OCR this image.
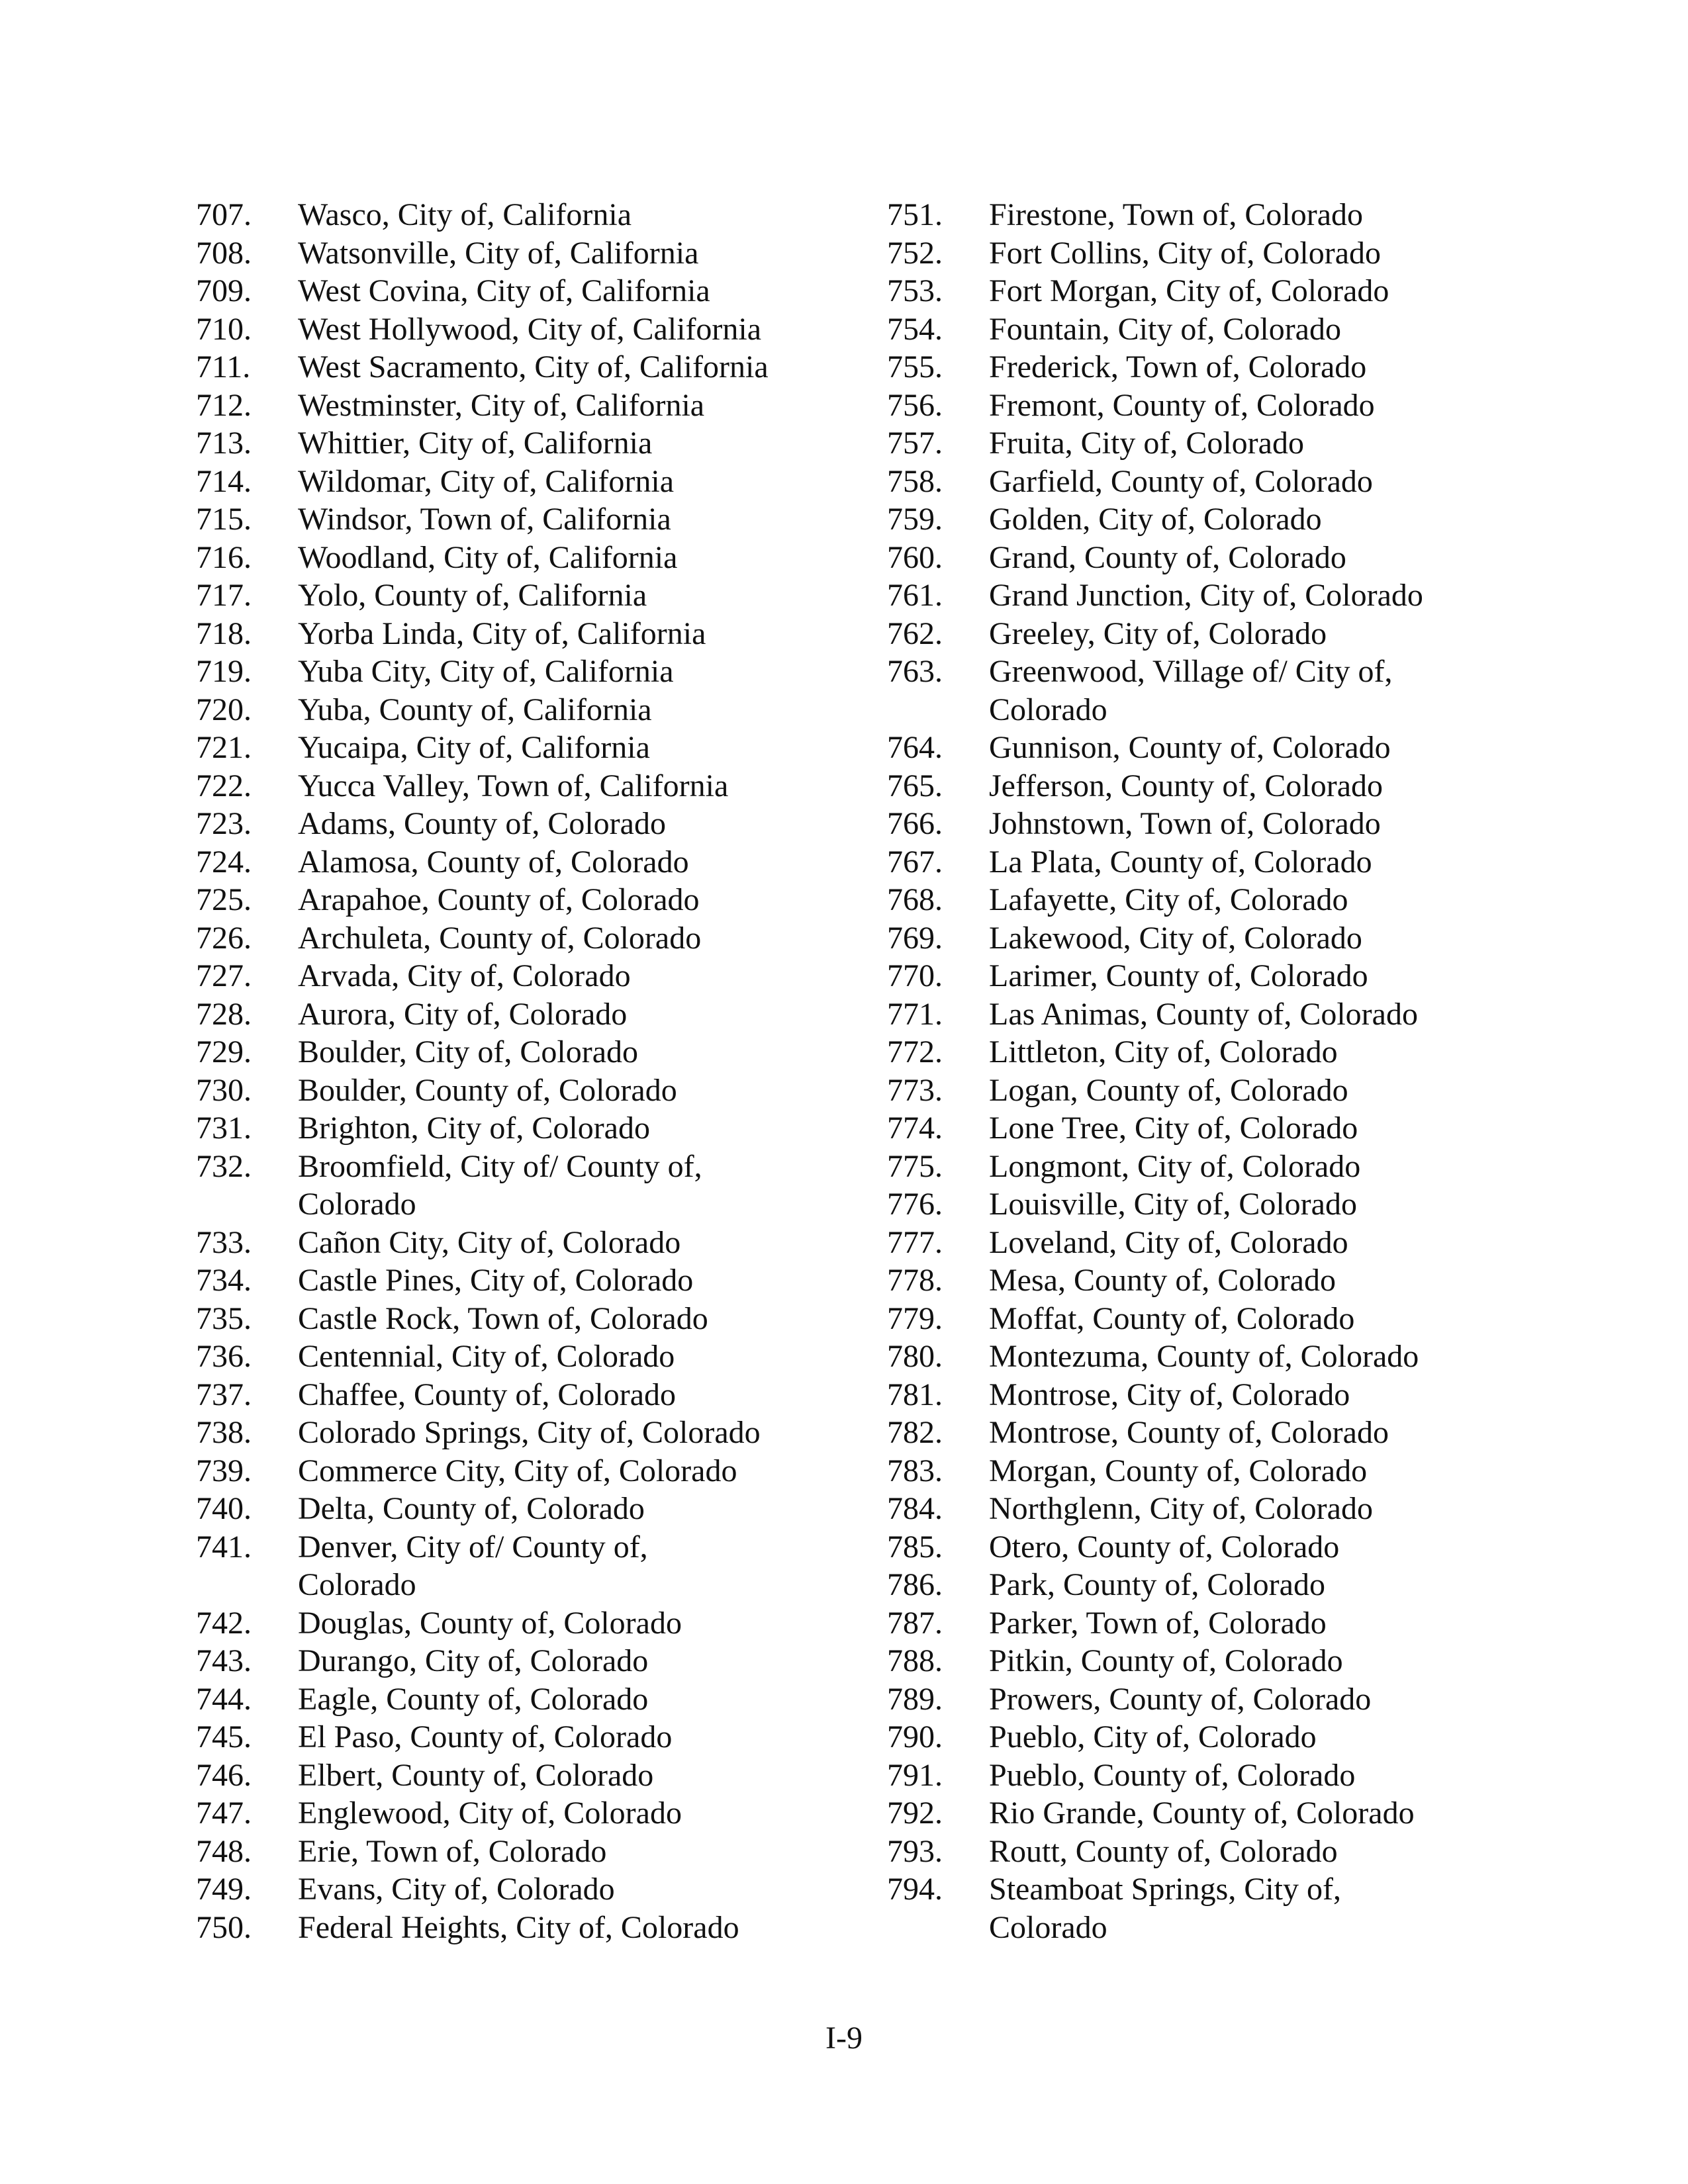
707.	Wasco, City of, California
708.	Watsonville, City of, California
709.	West Covina, City of, California
710.	West Hollywood, City of, California
711.	West Sacramento, City of, California
712.	Westminster, City of, California
713.	Whittier, City of, California
714.	Wildomar, City of, California
715.	Windsor, Town of, California
716.	Woodland, City of, California
717.	Yolo, County of, California
718.	Yorba Linda, City of, California
719.	Yuba City, City of, California
720.	Yuba, County of, California
721.	Yucaipa, City of, California
722.	Yucca Valley, Town of, California
723.	Adams, County of, Colorado
724.	Alamosa, County of, Colorado
725.	Arapahoe, County of, Colorado
726.	Archuleta, County of, Colorado
727.	Arvada, City of, Colorado
728.	Aurora, City of, Colorado
729.	Boulder, City of, Colorado
730.	Boulder, County of, Colorado
731.	Brighton, City of, Colorado
732.	Broomfield, City of/ County of,
Colorado
733.	Cañon City, City of, Colorado
734.	Castle Pines, City of, Colorado
735.	Castle Rock, Town of, Colorado
736.	Centennial, City of, Colorado
737.	Chaffee, County of, Colorado
738.	Colorado Springs, City of, Colorado
739.	Commerce City, City of, Colorado
740.	Delta, County of, Colorado
741.	Denver, City of/ County of,
Colorado
742.	Douglas, County of, Colorado
743.	Durango, City of, Colorado
744.	Eagle, County of, Colorado
745.	El Paso, County of, Colorado
746.	Elbert, County of, Colorado
747.	Englewood, City of, Colorado
748.	Erie, Town of, Colorado
749.	Evans, City of, Colorado
750.	Federal Heights, City of, Colorado
751.	Firestone, Town of, Colorado
752.	Fort Collins, City of, Colorado
753.	Fort Morgan, City of, Colorado
754.	Fountain, City of, Colorado
755.	Frederick, Town of, Colorado
756.	Fremont, County of, Colorado
757.	Fruita, City of, Colorado
758.	Garfield, County of, Colorado
759.	Golden, City of, Colorado
760.	Grand, County of, Colorado
761.	Grand Junction, City of, Colorado
762.	Greeley, City of, Colorado
763.	Greenwood, Village of/ City of,
Colorado
764.	Gunnison, County of, Colorado
765.	Jefferson, County of, Colorado
766.	Johnstown, Town of, Colorado
767.	La Plata, County of, Colorado
768.	Lafayette, City of, Colorado
769.	Lakewood, City of, Colorado
770.	Larimer, County of, Colorado
771.	Las Animas, County of, Colorado
772.	Littleton, City of, Colorado
773.	Logan, County of, Colorado
774.	Lone Tree, City of, Colorado
775.	Longmont, City of, Colorado
776.	Louisville, City of, Colorado
777.	Loveland, City of, Colorado
778.	Mesa, County of, Colorado
779.	Moffat, County of, Colorado
780.	Montezuma, County of, Colorado
781.	Montrose, City of, Colorado
782.	Montrose, County of, Colorado
783.	Morgan, County of, Colorado
784.	Northglenn, City of, Colorado
785.	Otero, County of, Colorado
786.	Park, County of, Colorado
787.	Parker, Town of, Colorado
788.	Pitkin, County of, Colorado
789.	Prowers, County of, Colorado
790.	Pueblo, City of, Colorado
791.	Pueblo, County of, Colorado
792.	Rio Grande, County of, Colorado
793.	Routt, County of, Colorado
794.	Steamboat Springs, City of,
Colorado
I-9
